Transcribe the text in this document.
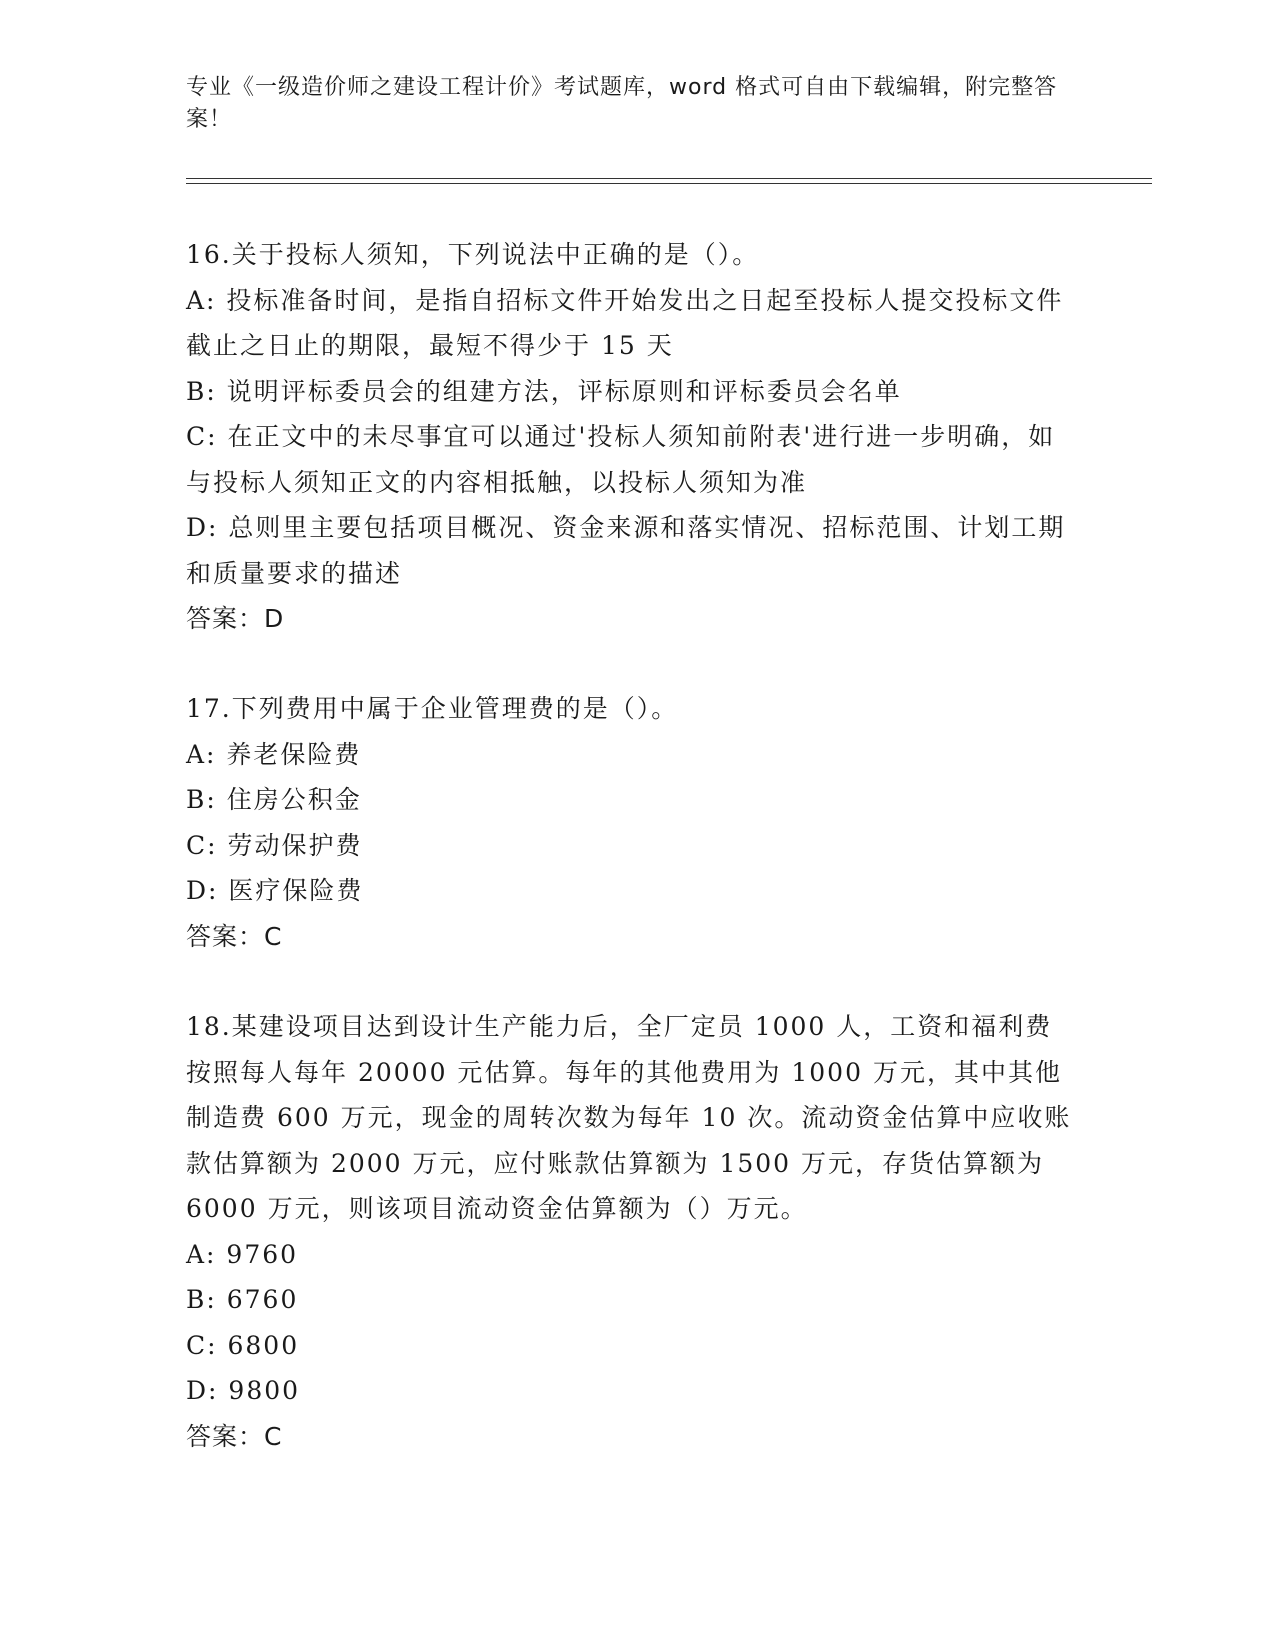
专业《一级造价师之建设工程计价》考试题库，word 格式可自由下载编辑，附完整答案！

16.关于投标人须知，下列说法中正确的是（）。

A: 投标准备时间，是指自招标文件开始发出之日起至投标人提交投标文件截止之日止的期限，最短不得少于 15 天

B: 说明评标委员会的组建方法，评标原则和评标委员会名单

C: 在正文中的未尽事宜可以通过'投标人须知前附表'进行进一步明确，如与投标人须知正文的内容相抵触，以投标人须知为准

D: 总则里主要包括项目概况、资金来源和落实情况、招标范围、计划工期和质量要求的描述

答案：D

17.下列费用中属于企业管理费的是（）。

A: 养老保险费

B: 住房公积金

C: 劳动保护费

D: 医疗保险费

答案：C

18.某建设项目达到设计生产能力后，全厂定员 1000 人，工资和福利费按照每人每年 20000 元估算。每年的其他费用为 1000 万元，其中其他制造费 600 万元，现金的周转次数为每年 10 次。流动资金估算中应收账款估算额为 2000 万元，应付账款估算额为 1500 万元，存货估算额为 6000 万元，则该项目流动资金估算额为（）万元。

A: 9760

B: 6760

C: 6800

D: 9800

答案：C
